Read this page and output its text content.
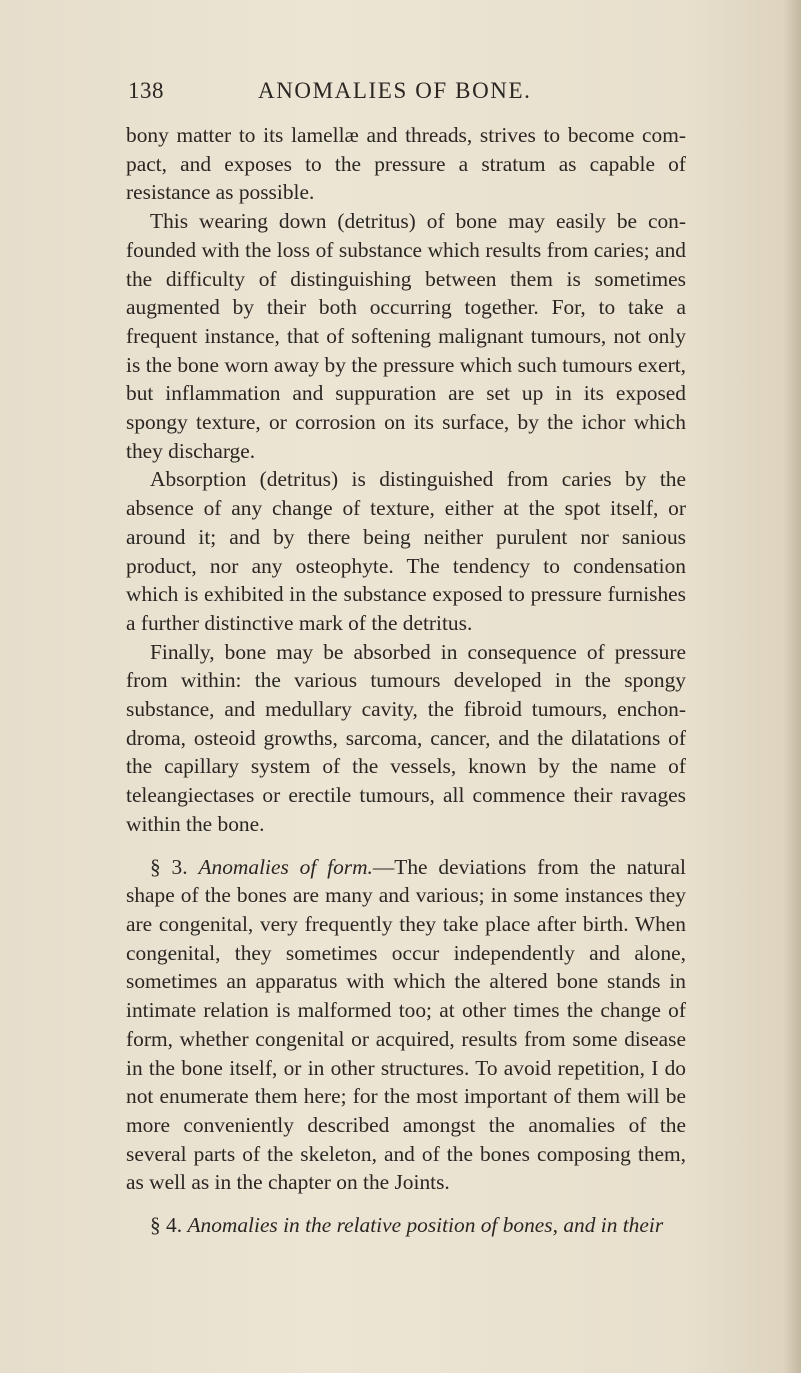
138	ANOMALIES OF BONE.

bony matter to its lamellæ and threads, strives to become compact, and exposes to the pressure a stratum as capable of resistance as possible.

This wearing down (detritus) of bone may easily be confounded with the loss of substance which results from caries; and the difficulty of distinguishing between them is sometimes augmented by their both occurring together. For, to take a frequent instance, that of softening malignant tumours, not only is the bone worn away by the pressure which such tumours exert, but inflammation and suppuration are set up in its exposed spongy texture, or corrosion on its surface, by the ichor which they discharge.

Absorption (detritus) is distinguished from caries by the absence of any change of texture, either at the spot itself, or around it; and by there being neither purulent nor sanious product, nor any osteophyte. The tendency to condensation which is exhibited in the substance exposed to pressure furnishes a further distinctive mark of the detritus.

Finally, bone may be absorbed in consequence of pressure from within: the various tumours developed in the spongy substance, and medullary cavity, the fibroid tumours, enchondroma, osteoid growths, sarcoma, cancer, and the dilatations of the capillary system of the vessels, known by the name of teleangiectases or erectile tumours, all commence their ravages within the bone.

§ 3. Anomalies of form.—The deviations from the natural shape of the bones are many and various; in some instances they are congenital, very frequently they take place after birth. When congenital, they sometimes occur independently and alone, sometimes an apparatus with which the altered bone stands in intimate relation is malformed too; at other times the change of form, whether congenital or acquired, results from some disease in the bone itself, or in other structures. To avoid repetition, I do not enumerate them here; for the most important of them will be more conveniently described amongst the anomalies of the several parts of the skeleton, and of the bones composing them, as well as in the chapter on the Joints.

§ 4. Anomalies in the relative position of bones, and in their
